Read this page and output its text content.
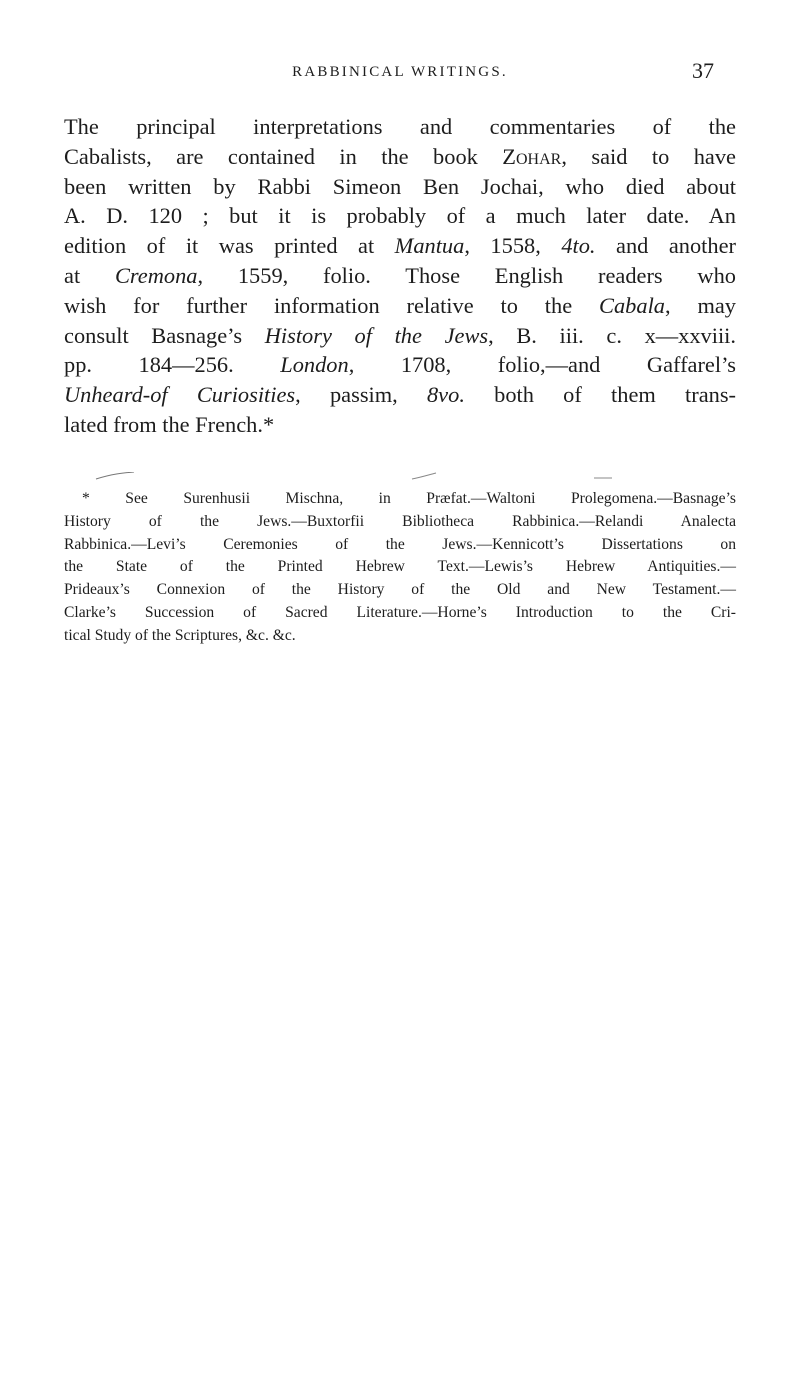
RABBINICAL WRITINGS.	37
The principal interpretations and commentaries of the
Cabalists, are contained in the book Zohar, said to have
been written by Rabbi Simeon Ben Jochai, who died about
A. D. 120 ; but it is probably of a much later date. An
edition of it was printed at Mantua, 1558, 4to. and another
at Cremona, 1559, folio. Those English readers who
wish for further information relative to the Cabala, may
consult Basnage’s History of the Jews, B. iii. c. x—xxviii.
pp. 184—256. London, 1708, folio,—and Gaffarel’s
Unheard-of Curiosities, passim, 8vo. both of them trans-
lated from the French.*
* See Surenhusii Mischna, in Præfat.—Waltoni Prolegomena.—Basnage’s
History of the Jews.—Buxtorfii Bibliotheca Rabbinica.—Relandi Analecta
Rabbinica.—Levi’s Ceremonies of the Jews.—Kennicott’s Dissertations on
the State of the Printed Hebrew Text.—Lewis’s Hebrew Antiquities.—
Prideaux’s Connexion of the History of the Old and New Testament.—
Clarke’s Succession of Sacred Literature.—Horne’s Introduction to the Cri-
tical Study of the Scriptures, &c. &c.
